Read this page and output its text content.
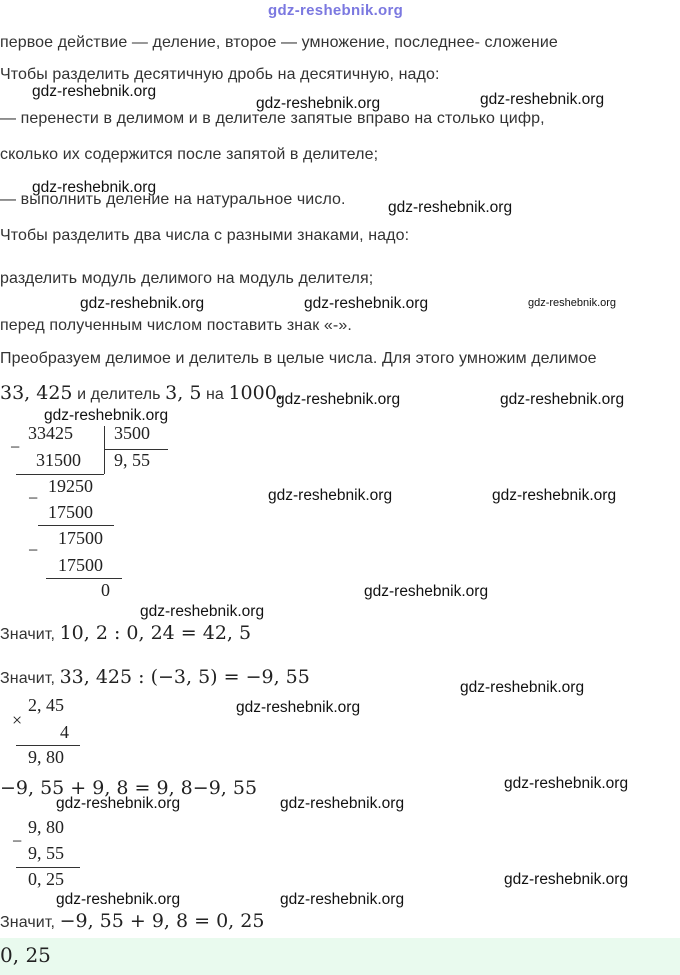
gdz-reshebnik.org
первое действие — деление, второе — умножение, последнее- сложение
Чтобы разделить десятичную дробь на десятичную, надо:
— перенести в делимом и в делителе запятые вправо на столько цифр,
сколько их содержится после запятой в делителе;
— выполнить деление на натуральное число.
Чтобы разделить два числа с разными знаками, надо:
разделить модуль делимого на модуль делителя;
перед полученным числом поставить знак «-».
Преобразуем делимое и делитель в целые числа. Для этого умножим делимое
33, 425 и делитель 3, 5 на 1000.
−
33425 3500
31500 9, 55
−
19250
17500
−
17500
17500
0
Значит, 10, 2 : 0, 24 = 42, 5
Значит, 33, 425 : (−3, 5) = −9, 55
×
2, 45
4
9, 80
−9, 55 + 9, 8 = 9, 8−9, 55
−
9, 80
9, 55
0, 25
Значит, −9, 55 + 9, 8 = 0, 25
0, 25
gdz-reshebnik.org
gdz-reshebnik.org	gdz-reshebnik.org
gdz-reshebnik.org
gdz-reshebnik.org
gdz-reshebnik.org	gdz-reshebnik.org	gdz-reshebnik.org
gdz-reshebnik.org	gdz-reshebnik.org
gdz-reshebnik.org
gdz-reshebnik.org	gdz-reshebnik.org
gdz-reshebnik.org
gdz-reshebnik.org
gdz-reshebnik.org
gdz-reshebnik.org
gdz-reshebnik.org
gdz-reshebnik.org	gdz-reshebnik.org
gdz-reshebnik.org
gdz-reshebnik.org	gdz-reshebnik.org
